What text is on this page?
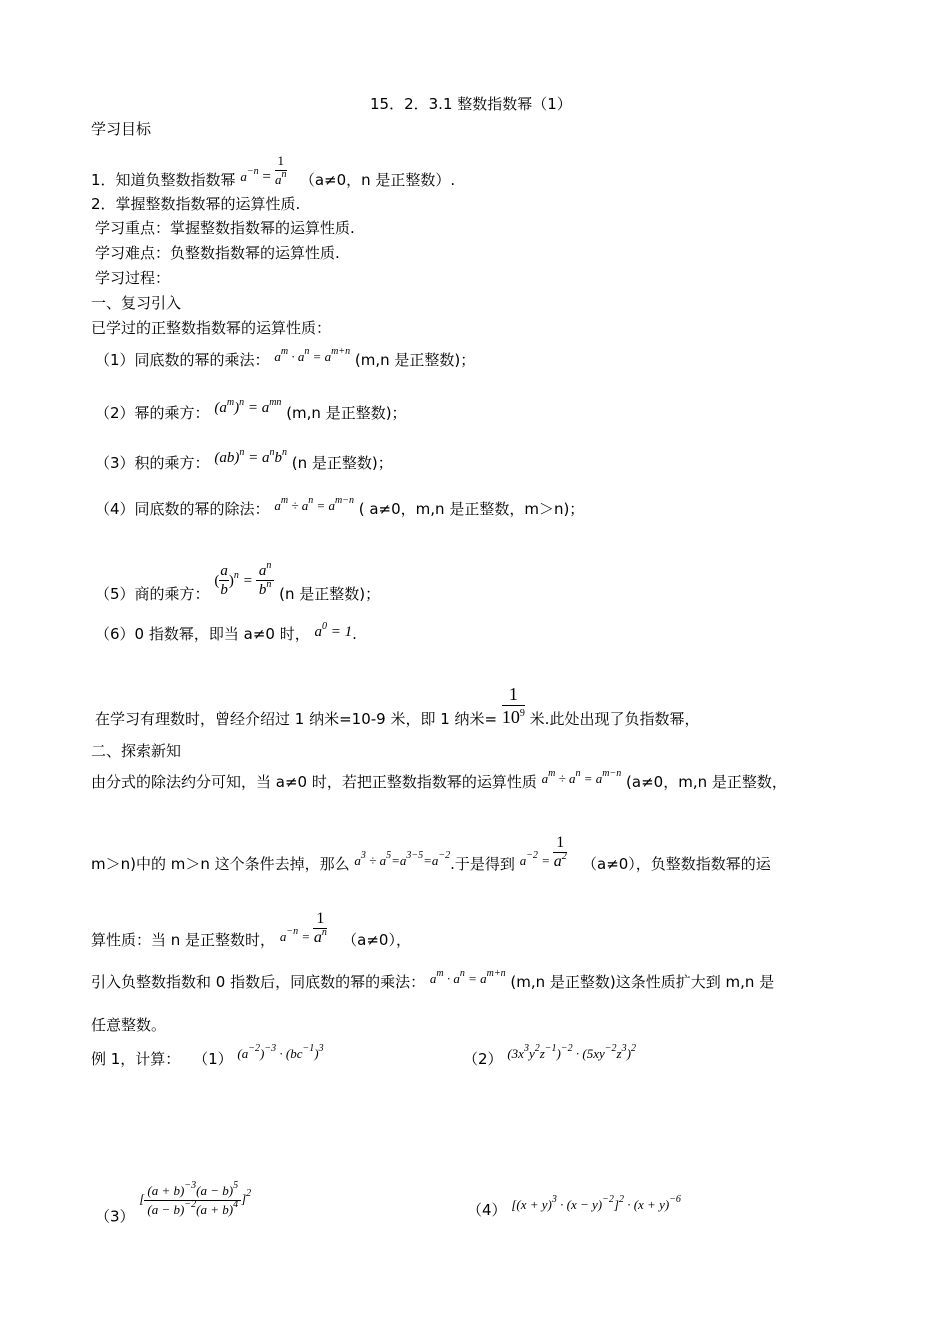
15．2．3.1 整数指数幂（1）
学习目标
1．知道负整数指数幂 $a^{-n} = \frac{1}{a^n} (a\ne 0$，n 是正整数）.
2．掌握整数指数幂的运算性质.
学习重点：掌握整数指数幂的运算性质.
学习难点：负整数指数幂的运算性质.
学习过程：
一、复习引入
已学过的正整数指数幂的运算性质：
（1）同底数的幂的乘法： $a^m \cdot a^n = a^{m+n}$ (m,n 是正整数)；
（2）幂的乘方： $(a^m)^n = a^{mn}$ (m,n 是正整数)；
（3）积的乘方： $(ab)^n = a^nb^n$ (n 是正整数)；
（4）同底数的幂的除法： $a^m \div a^n = a^{m-n}$ ( a≠0，m,n 是正整数，m＞n)；
（5）商的乘方： ( $\frac{a}{b} )^n = \frac{a^n}{b^n} (n$ 是正整数)；
（6）0 指数幂，即当 a≠0 时， $a^0 = 1$.
在学习有理数时，曾经介绍过 1 纳米=10-9 米，即 1 纳米= $\frac{1}{10^9}$ 米.此处出现了负指数幂，
二、探索新知
由分式的除法约分可知，当 a≠0 时，若把正整数指数幂的运算性质 $a^m \div a^n = a^{m-n}$ (a≠0，m,n 是正整数，
m＞n)中的 m＞n 这个条件去掉，那么 $a^3 \div a^5=a^{3-5}=a^{-2}$.于是得到 $a^{-2} = \frac{1}{a^2} (a\ne 0)$，负整数指数幂的运
算性质：当 n 是正整数时， $a^{-n} = \frac{1}{a^n} (a\ne 0)$，
引入负整数指数和 0 指数后，同底数的幂的乘法： $a^m \cdot a^n = a^{m+n}$ (m,n 是正整数)这条性质扩大到 m,n 是
任意整数。
例 1，计算： （1） $(a^{-2})^{-3} \cdot (bc^{-1})^3$
（2） $(3x^3y^2z^{-1})^{-2} \cdot (5xy^{-2}z^3)^2$
（3） [ $\frac{(a + b)^{-3}(a - b)^5}{(a - b)^{-2}(a + b)^4} ]^2$
（4） $[(x + y)^3 \cdot (x - y)^{-2}]^2 \cdot (x + y)^{-6}$
